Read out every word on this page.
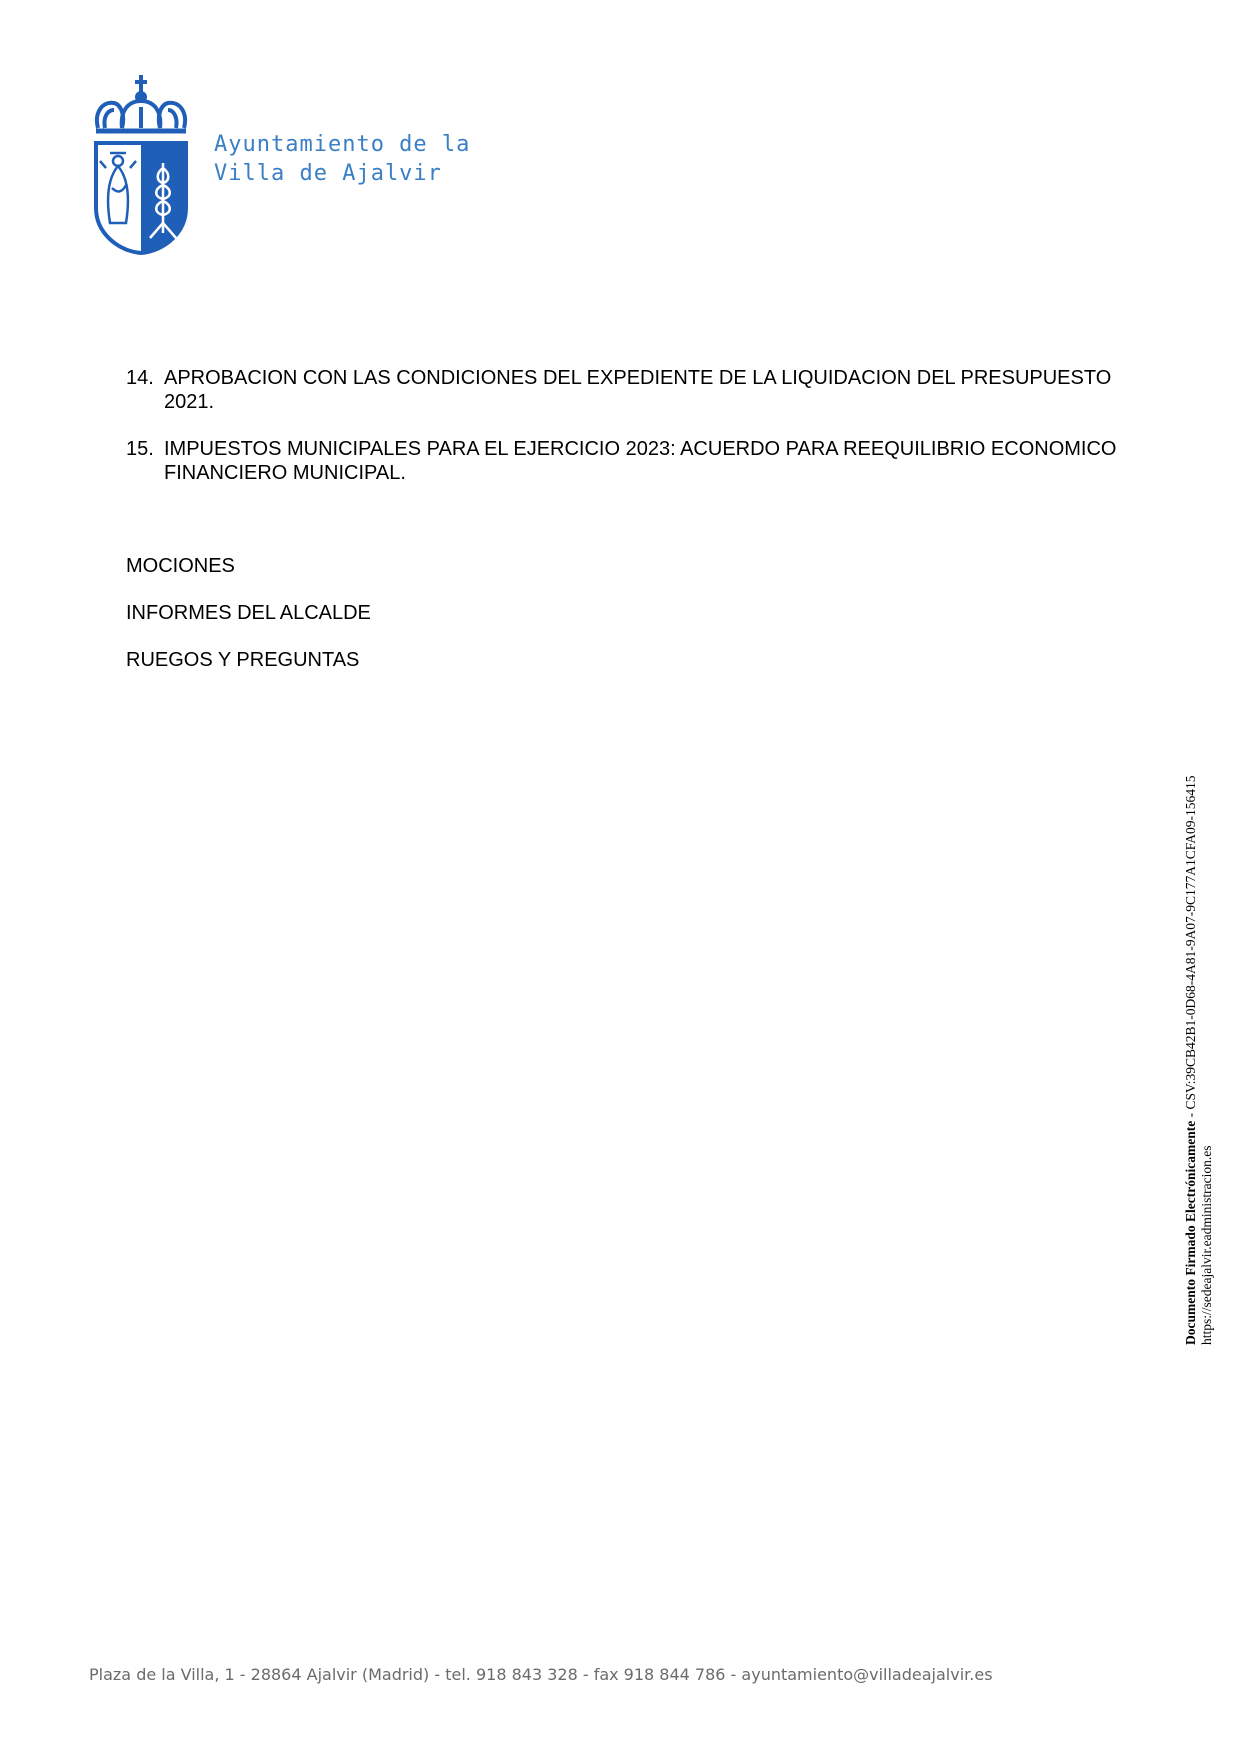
Ayuntamiento de la
Villa de Ajalvir
14. APROBACION CON LAS CONDICIONES DEL EXPEDIENTE DE LA LIQUIDACION DEL PRESUPUESTO 2021.
15. IMPUESTOS MUNICIPALES PARA EL EJERCICIO 2023: ACUERDO PARA REEQUILIBRIO ECONOMICO FINANCIERO MUNICIPAL.
MOCIONES
INFORMES DEL ALCALDE
RUEGOS Y PREGUNTAS
Documento Firmado Electrónicamente - CSV:39CB42B1-0D68-4A81-9A07-9C177A1CFA09-156415
https://sedeajalvir.eadministracion.es
Plaza de la Villa, 1 - 28864 Ajalvir (Madrid) - tel. 918 843 328 - fax 918 844 786 - ayuntamiento@villadeajalvir.es
